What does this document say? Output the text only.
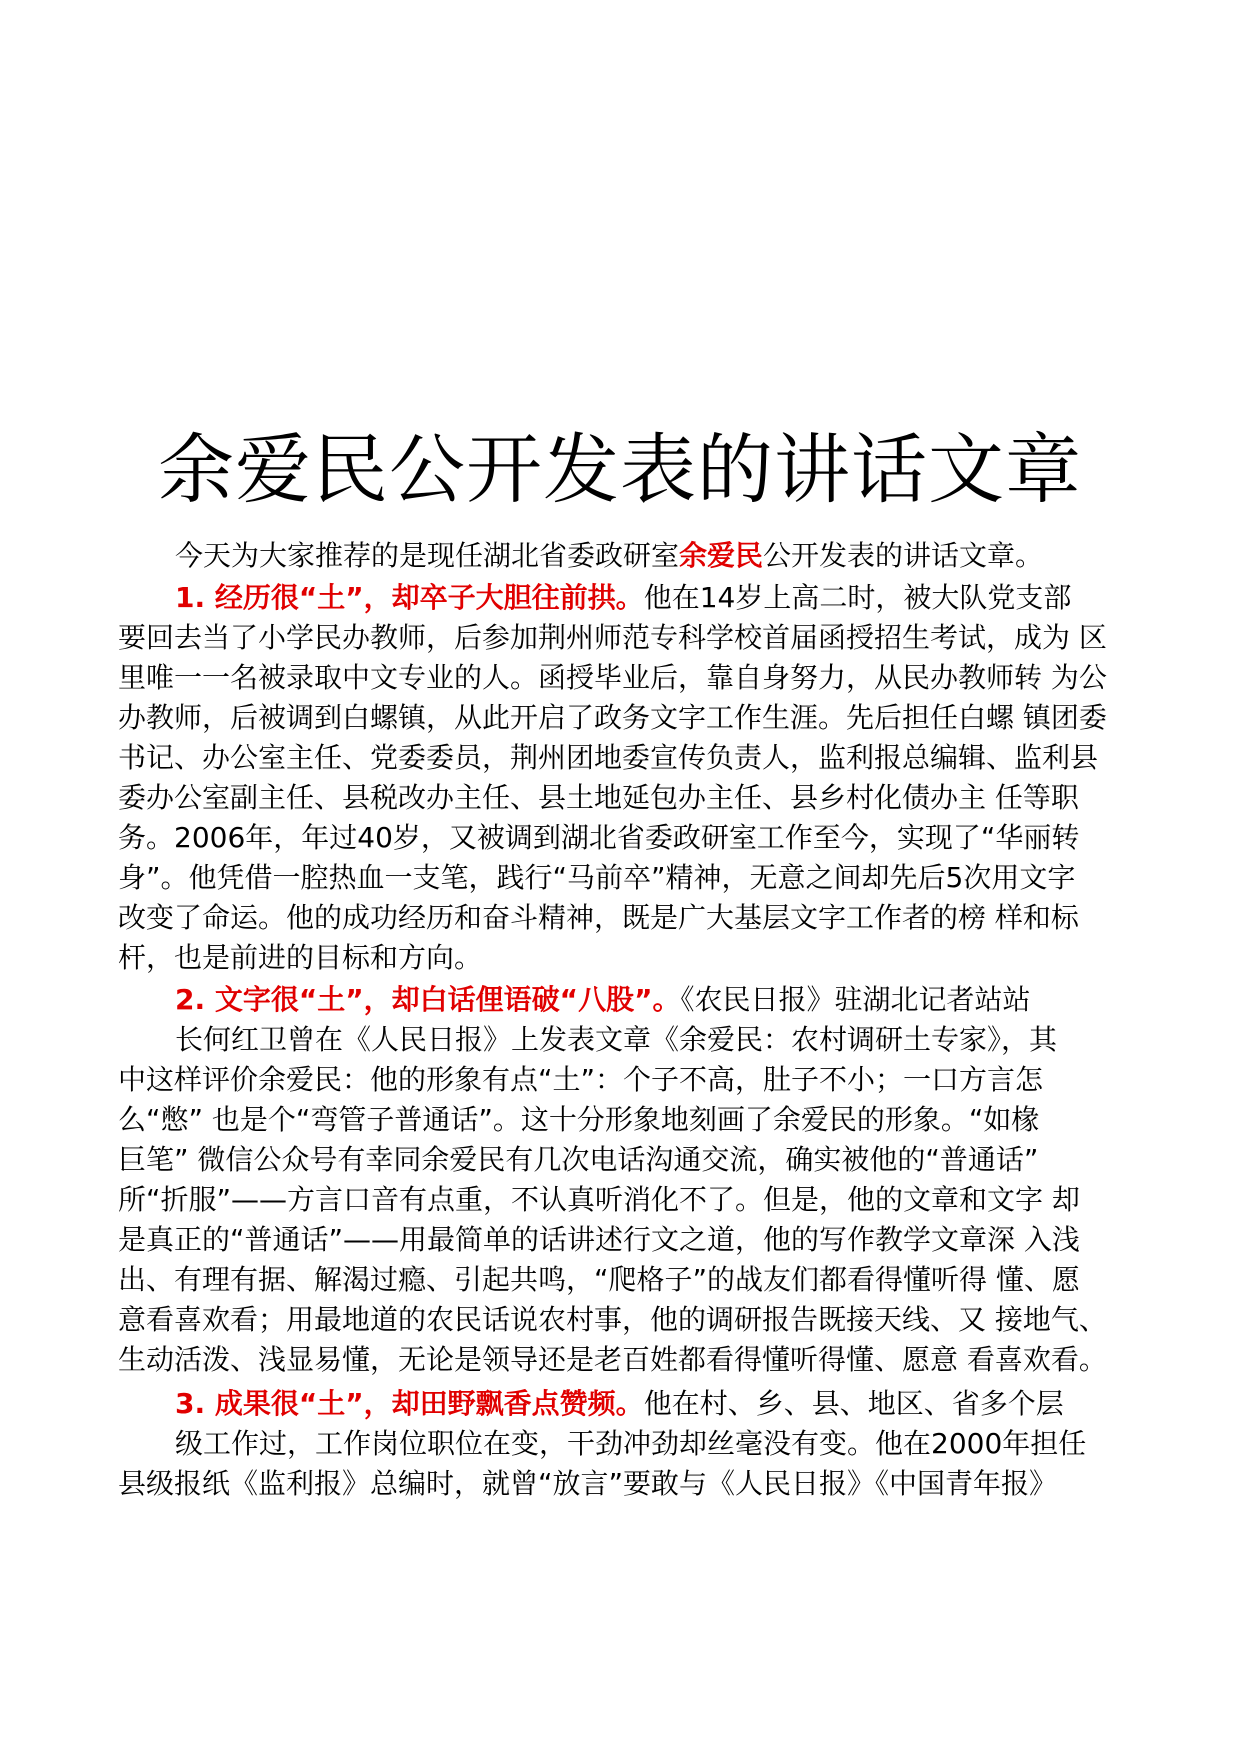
余爱民公开发表的讲话文章

今天为大家推荐的是现任湖北省委政研室余爱民公开发表的讲话文章。

1. 经历很“土”，却卒子大胆往前拱。他在14岁上高二时，被大队党支部

要回去当了小学民办教师，后参加荆州师范专科学校首届函授招生考试，成为 区

里唯一一名被录取中文专业的人。函授毕业后，靠自身努力，从民办教师转 为公

办教师，后被调到白螺镇，从此开启了政务文字工作生涯。先后担任白螺 镇团委

书记、办公室主任、党委委员，荆州团地委宣传负责人，监利报总编辑、监利县

委办公室副主任、县税改办主任、县土地延包办主任、县乡村化债办主 任等职

务。2006年，年过40岁，又被调到湖北省委政研室工作至今，实现了“华丽转

身”。他凭借一腔热血一支笔，践行“马前卒”精神，无意之间却先后5次用文字

改变了命运。他的成功经历和奋斗精神，既是广大基层文字工作者的榜 样和标

杆，也是前进的目标和方向。

2. 文字很“土”，却白话俚语破“八股”。《农民日报》驻湖北记者站站

长何红卫曾在《人民日报》上发表文章《余爱民：农村调研土专家》，其

中这样评价余爱民：他的形象有点“土”：个子不高，肚子不小；一口方言怎

么“憋” 也是个“弯管子普通话”。这十分形象地刻画了余爱民的形象。“如椽

巨笔” 微信公众号有幸同余爱民有几次电话沟通交流，确实被他的“普通话”

所“折服”——方言口音有点重，不认真听消化不了。但是，他的文章和文字 却

是真正的“普通话”——用最简单的话讲述行文之道，他的写作教学文章深 入浅

出、有理有据、解渴过瘾、引起共鸣，“爬格子”的战友们都看得懂听得 懂、愿

意看喜欢看；用最地道的农民话说农村事，他的调研报告既接天线、又 接地气、

生动活泼、浅显易懂，无论是领导还是老百姓都看得懂听得懂、愿意 看喜欢看。

3. 成果很“土”，却田野飘香点赞频。他在村、乡、县、地区、省多个层

级工作过，工作岗位职位在变，干劲冲劲却丝毫没有变。他在2000年担任

县级报纸《监利报》总编时，就曾“放言”要敢与《人民日报》《中国青年报》
